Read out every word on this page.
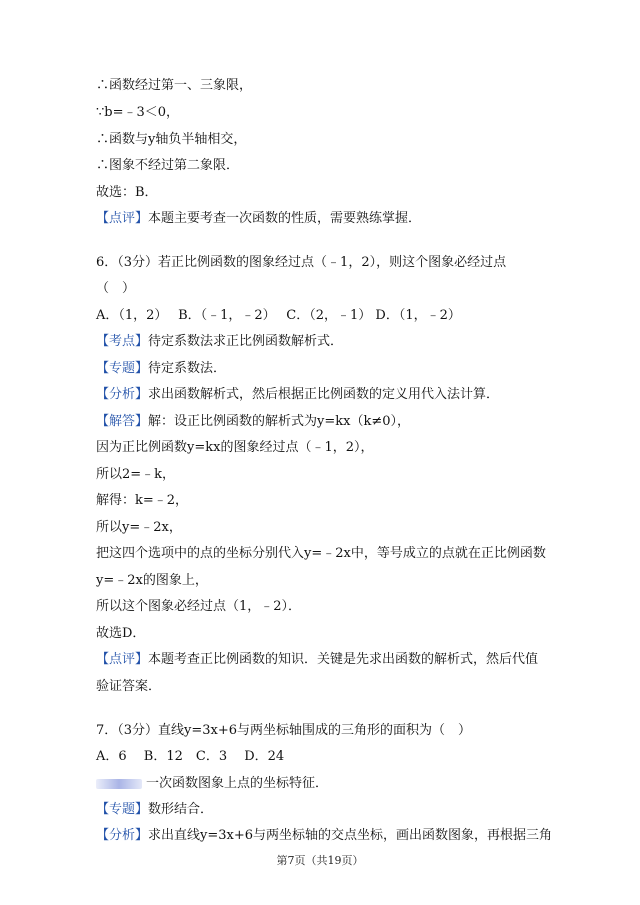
∴函数经过第一、三象限，
∵b=﹣3＜0，
∴函数与y轴负半轴相交，
∴图象不经过第二象限．
故选：B．
【点评】本题主要考查一次函数的性质，需要熟练掌握．
6．（3分）若正比例函数的图象经过点（﹣1，2），则这个图象必经过点
（　）
A．（1，2）　 B．（﹣1，﹣2）　 C．（2，﹣1） D．（1，﹣2）
【考点】待定系数法求正比例函数解析式．
【专题】待定系数法．
【分析】求出函数解析式，然后根据正比例函数的定义用代入法计算．
【解答】解：设正比例函数的解析式为y=kx（k≠0），
因为正比例函数y=kx的图象经过点（﹣1，2），
所以2=﹣k，
解得：k=﹣2，
所以y=﹣2x，
把这四个选项中的点的坐标分别代入y=﹣2x中，等号成立的点就在正比例函数
y=﹣2x的图象上，
所以这个图象必经过点（1，﹣2）．
故选D．
【点评】本题考查正比例函数的知识．关键是先求出函数的解析式，然后代值
验证答案．
7．（3分）直线y=3x+6与两坐标轴围成的三角形的面积为（　）
A．6　 B．12　C．3　 D．24
一次函数图象上点的坐标特征．
【专题】数形结合．
【分析】求出直线y=3x+6与两坐标轴的交点坐标，画出函数图象，再根据三角
第7页（共19页）
